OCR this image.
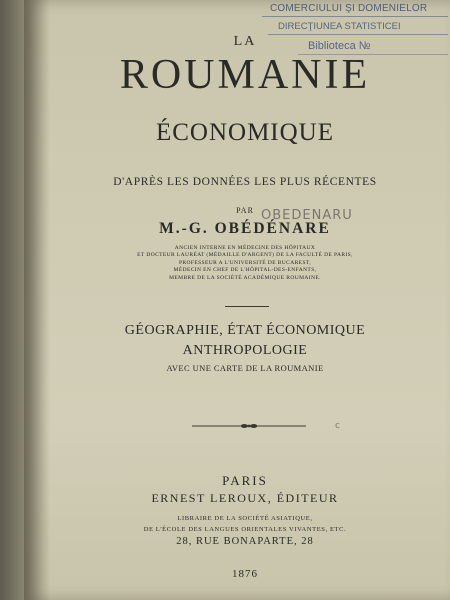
COMERCIULUI ŞI DOMENIELOR
DIRECŢIUNEA STATISTICEI
Biblioteca №
LA
ROUMANIE
ÉCONOMIQUE
D'APRÈS LES DONNÉES LES PLUS RÉCENTES
PAR
M.-G. OBÉDÉNARE
OBEDENARU
ANCIEN INTERNE EN MÉDECINE DES HÔPITAUX
ET DOCTEUR LAURÉAT (MÉDAILLE D'ARGENT) DE LA FACULTÉ DE PARIS,
PROFESSEUR A L'UNIVERSITÉ DE BUCAREST,
MÉDECIN EN CHEF DE L'HÔPITAL-DES-ENFANTS,
MEMBRE DE LA SOCIÉTÉ ACADÉMIQUE ROUMAINE.
GÉOGRAPHIE, ÉTAT ÉCONOMIQUE
ANTHROPOLOGIE
AVEC UNE CARTE DE LA ROUMANIE
c
PARIS
ERNEST LEROUX, ÉDITEUR
LIBRAIRE DE LA SOCIÉTÉ ASIATIQUE,
DE L'ÉCOLE DES LANGUES ORIENTALES VIVANTES, ETC.
28, RUE BONAPARTE, 28
1876
